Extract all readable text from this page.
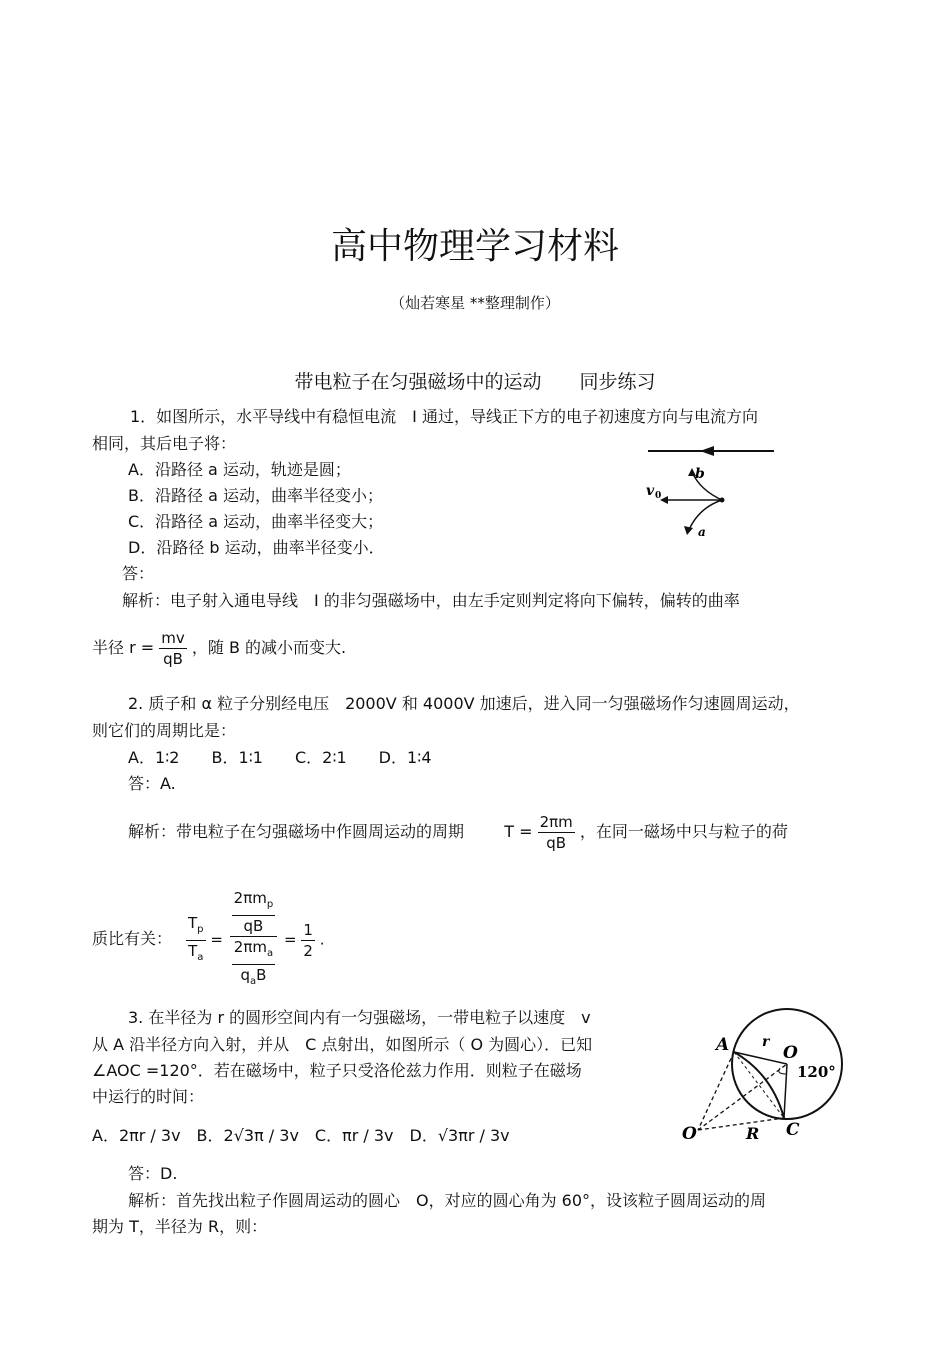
高中物理学习材料
（灿若寒星 **整理制作）
带电粒子在匀强磁场中的运动　　同步练习
1．如图所示，水平导线中有稳恒电流　I 通过，导线正下方的电子初速度方向与电流方向
相同，其后电子将：
A．沿路径 a 运动，轨迹是圆；
B．沿路径 a 运动，曲率半径变小；
C．沿路径 a 运动，曲率半径变大；
D．沿路径 b 运动，曲率半径变小．
答：
解析：电子射入通电导线　I 的非匀强磁场中，由左手定则判定将向下偏转，偏转的曲率
半径 $r = \frac{mv}{qB}$ ，随 B 的减小而变大.
b
a
v 0
2. 质子和 α 粒子分别经电压　2000V 和 4000V 加速后，进入同一匀强磁场作匀速圆周运动，
则它们的周期比是：
A．1∶2　　B．1∶1　　C．2∶1　　D．1∶4
答：A.
解析：带电粒子在匀强磁场中作圆周运动的周期	$T = \frac{2\pi m}{qB}$ ，在同一磁场中只与粒子的荷
质比有关： $\frac{T_p}{T_a} = \frac{\frac{2\pi m_p}{qB}}{\frac{2\pi m_a}{q_aB}} = \frac{1}{2}$ .
3. 在半径为 r 的圆形空间内有一匀强磁场，一带电粒子以速度　v
从 A 沿半径方向入射，并从　C 点射出，如图所示（ O 为圆心）．已知
∠AOC =120°．若在磁场中，粒子只受洛伦兹力作用．则粒子在磁场
中运行的时间：
A．2πr / 3v　B．2√3π / 3v　C．πr / 3v　D．√3πr / 3v
答：D.
解析：首先找出粒子作圆周运动的圆心　O，对应的圆心角为 60°，设该粒子圆周运动的周
期为 T，半径为 R，则：
A r
O
120°
O	R C
